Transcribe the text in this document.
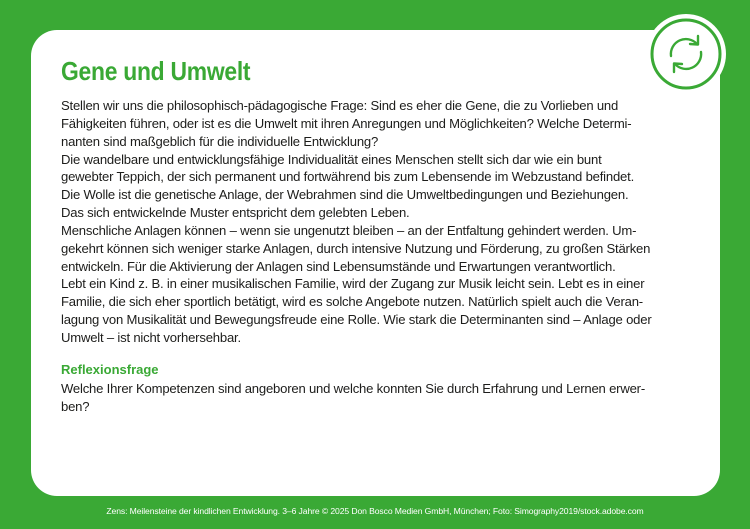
Gene und Umwelt
Stellen wir uns die philosophisch-pädagogische Frage: Sind es eher die Gene, die zu Vorlieben und
Fähigkeiten führen, oder ist es die Umwelt mit ihren Anregungen und Möglichkeiten? Welche Determi-
nanten sind maßgeblich für die individuelle Entwicklung?
Die wandelbare und entwicklungsfähige Individualität eines Menschen stellt sich dar wie ein bunt
gewebter Teppich, der sich permanent und fortwährend bis zum Lebensende im Webzustand befindet.
Die Wolle ist die genetische Anlage, der Webrahmen sind die Umweltbedingungen und Beziehungen.
Das sich entwickelnde Muster entspricht dem gelebten Leben.
Menschliche Anlagen können – wenn sie ungenutzt bleiben – an der Entfaltung gehindert werden. Um-
gekehrt können sich weniger starke Anlagen, durch intensive Nutzung und Förderung, zu großen Stärken
entwickeln. Für die Aktivierung der Anlagen sind Lebensumstände und Erwartungen verantwortlich.
Lebt ein Kind z. B. in einer musikalischen Familie, wird der Zugang zur Musik leicht sein. Lebt es in einer
Familie, die sich eher sportlich betätigt, wird es solche Angebote nutzen. Natürlich spielt auch die Veran-
lagung von Musikalität und Bewegungsfreude eine Rolle. Wie stark die Determinanten sind – Anlage oder
Umwelt – ist nicht vorhersehbar.
Reflexionsfrage
Welche Ihrer Kompetenzen sind angeboren und welche konnten Sie durch Erfahrung und Lernen erwer-
ben?
Zens: Meilensteine der kindlichen Entwicklung. 3–6 Jahre © 2025 Don Bosco Medien GmbH, München; Foto: Simography2019/stock.adobe.com
